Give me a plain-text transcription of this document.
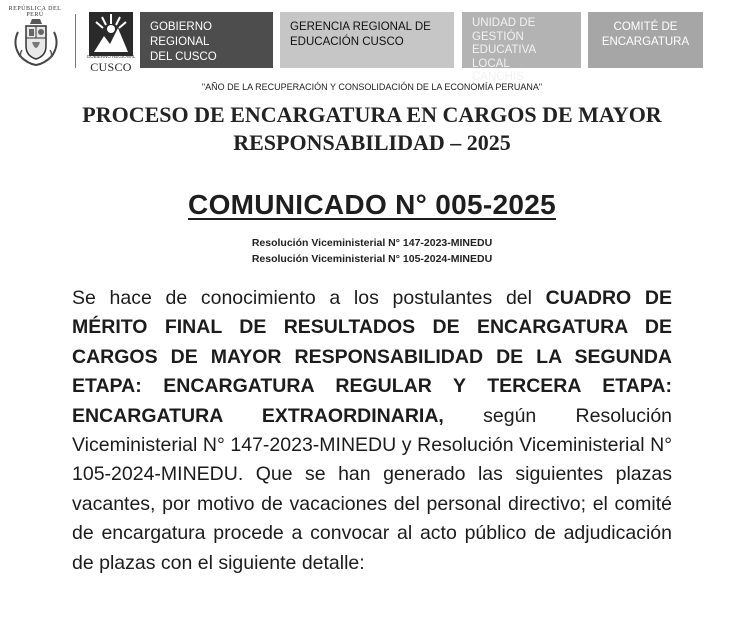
REPÚBLICA DEL PERÚ
GOBIERNO REGIONAL
CUSCO
GOBIERNO REGIONAL
DEL CUSCO
GERENCIA REGIONAL DE
EDUCACIÓN CUSCO
UNIDAD DE GESTIÓN
EDUCATIVA LOCAL
CANCHIS
COMITÉ DE
ENCARGATURA
"AÑO DE LA RECUPERACIÓN Y CONSOLIDACIÓN DE LA ECONOMÍA PERUANA"
PROCESO DE ENCARGATURA EN CARGOS DE MAYOR
RESPONSABILIDAD – 2025
COMUNICADO N° 005-2025
Resolución Viceministerial N° 147-2023-MINEDU
Resolución Viceministerial N° 105-2024-MINEDU

Se hace de conocimiento a los postulantes del CUADRO DE MÉRITO FINAL DE RESULTADOS DE ENCARGATURA DE CARGOS DE MAYOR RESPONSABILIDAD DE LA SEGUNDA ETAPA: ENCARGATURA REGULAR Y TERCERA ETAPA: ENCARGATURA EXTRAORDINARIA, según Resolución Viceministerial N° 147-2023-MINEDU y Resolución Viceministerial N° 105-2024-MINEDU. Que se han generado las siguientes plazas vacantes, por motivo de vacaciones del personal directivo; el comité de encargatura procede a convocar al acto público de adjudicación de plazas con el siguiente detalle:
